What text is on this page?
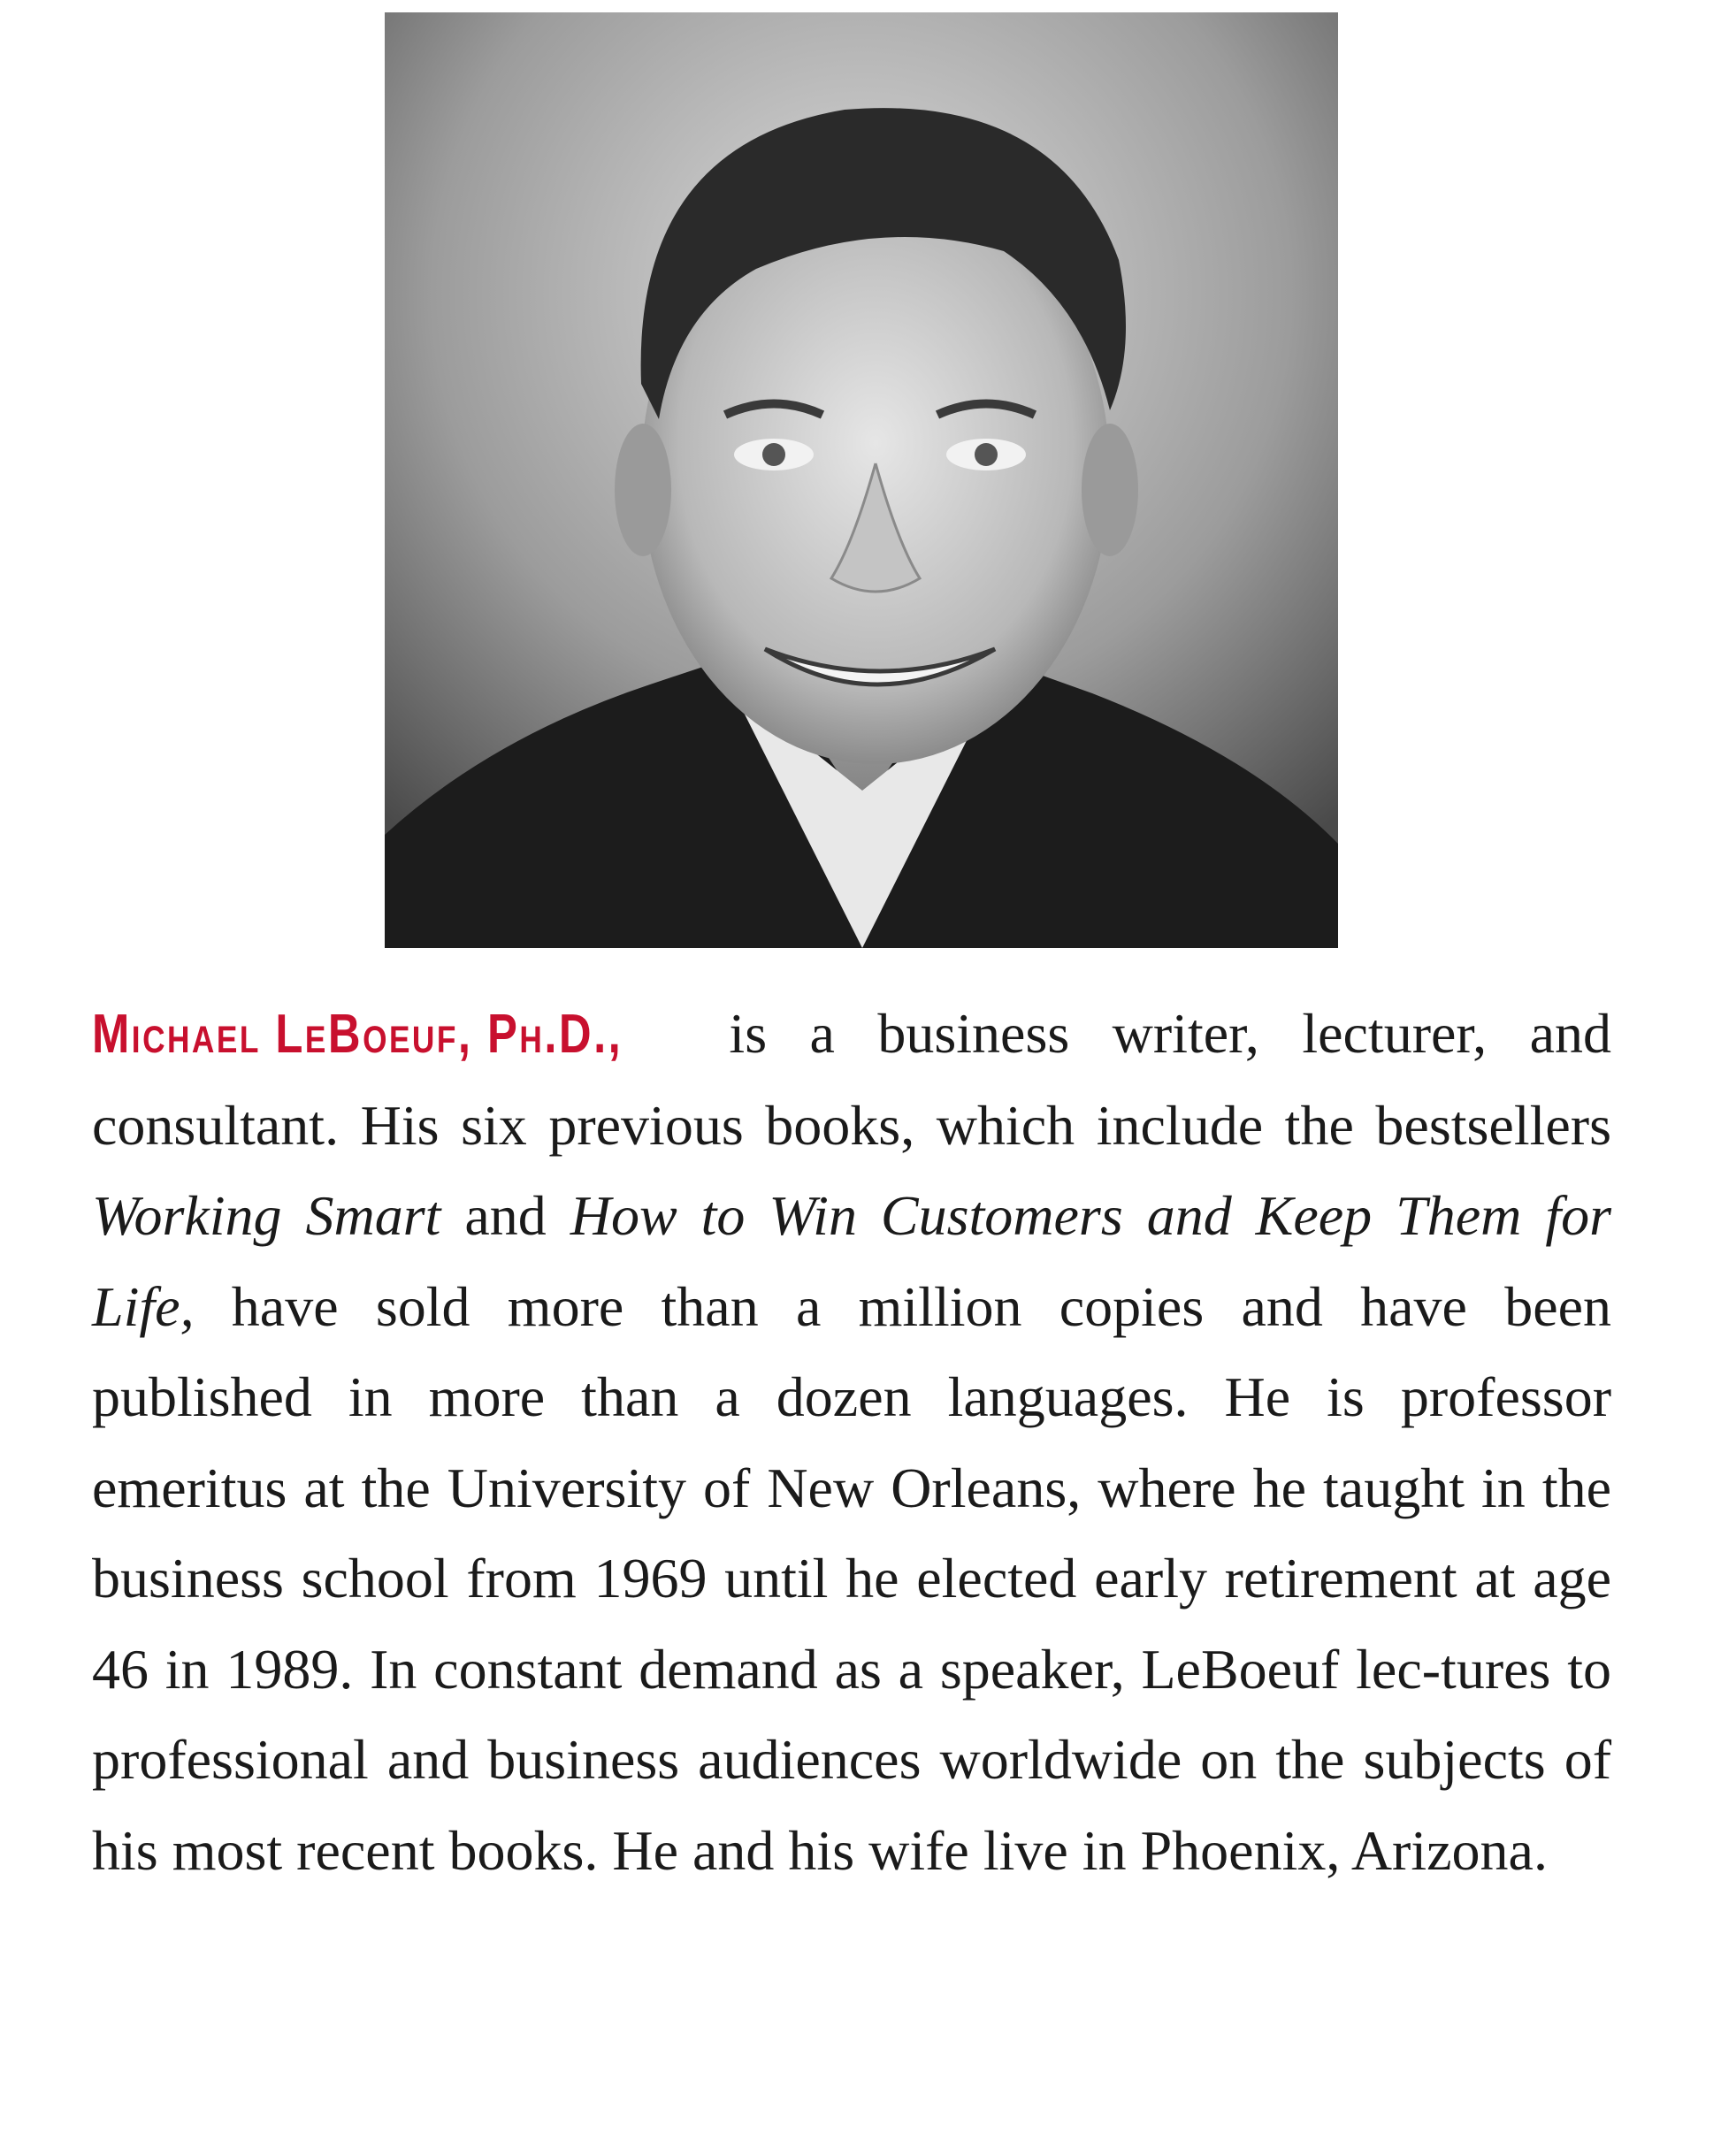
Michael LeBoeuf, Ph.D., is a business writer, lecturer, and consultant. His six previous books, which include the bestsellers Working Smart and How to Win Customers and Keep Them for Life, have sold more than a million copies and have been published in more than a dozen languages. He is professor emeritus at the University of New Orleans, where he taught in the business school from 1969 until he elected early retirement at age 46 in 1989. In constant demand as a speaker, LeBoeuf lec-tures to professional and business audiences worldwide on the subjects of his most recent books. He and his wife live in Phoenix, Arizona.
